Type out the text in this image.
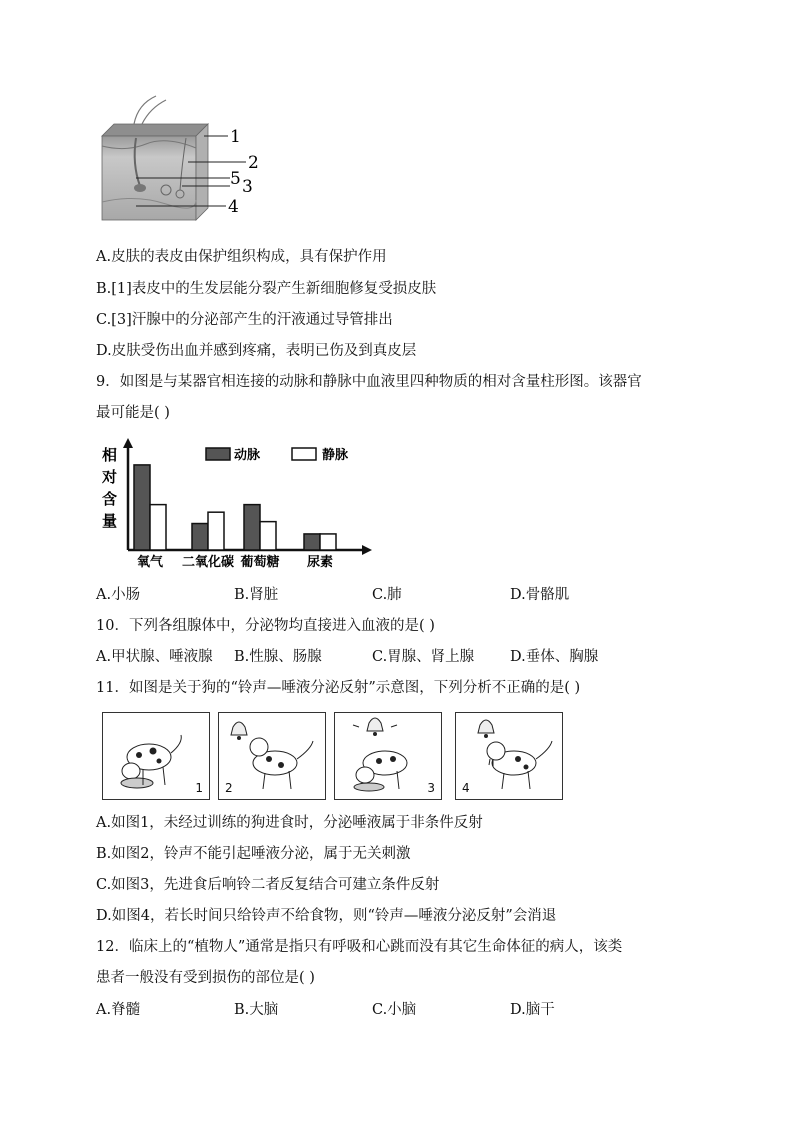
1
2
5 3
4
A.皮肤的表皮由保护组织构成，具有保护作用
B.[1]表皮中的生发层能分裂产生新细胞修复受损皮肤
C.[3]汗腺中的分泌部产生的汗液通过导管排出
D.皮肤受伤出血并感到疼痛，表明已伤及到真皮层
9．如图是与某器官相连接的动脉和静脉中血液里四种物质的相对含量柱形图。该器官
最可能是( )
相
对
含
量
动脉	静脉
氧气 二氧化碳 葡萄糖 尿素
A.小肠	B.肾脏	C.肺	D.骨骼肌
10．下列各组腺体中，分泌物均直接进入血液的是( )
A.甲状腺、唾液腺 B.性腺、肠腺	C.胃腺、肾上腺 D.垂体、胸腺
11．如图是关于狗的“铃声—唾液分泌反射”示意图，下列分析不正确的是( )
1 2	3 4
A.如图1，未经过训练的狗进食时，分泌唾液属于非条件反射
B.如图2，铃声不能引起唾液分泌，属于无关刺激
C.如图3，先进食后响铃二者反复结合可建立条件反射
D.如图4，若长时间只给铃声不给食物，则“铃声—唾液分泌反射”会消退
12．临床上的“植物人”通常是指只有呼吸和心跳而没有其它生命体征的病人，该类
患者一般没有受到损伤的部位是( )
A.脊髓	B.大脑	C.小脑	D.脑干
